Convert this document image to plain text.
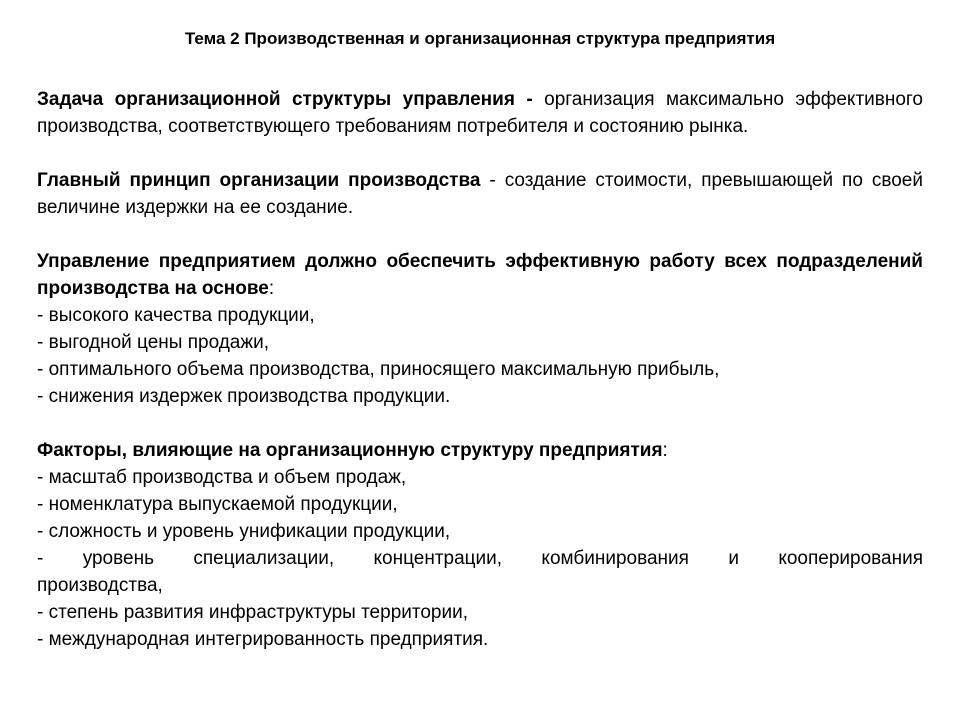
Тема 2 Производственная и организационная структура предприятия

Задача организационной структуры управления - организация максимально эффективного производства, соответствующего требованиям потребителя и состоянию рынка.

Главный принцип организации производства - создание стоимости, превышающей по своей величине издержки на ее создание.

Управление предприятием должно обеспечить эффективную работу всех подразделений производства на основе:

- высокого качества продукции,
- выгодной цены продажи,
- оптимального объема производства, приносящего максимальную прибыль,
- снижения издержек производства продукции.

Факторы, влияющие на организационную структуру предприятия:

- масштаб производства и объем продаж,
- номенклатура выпускаемой продукции,
- сложность и уровень унификации продукции,
- уровень специализации, концентрации, комбинирования и кооперирования
производства,
- степень развития инфраструктуры территории,
- международная интегрированность предприятия.
